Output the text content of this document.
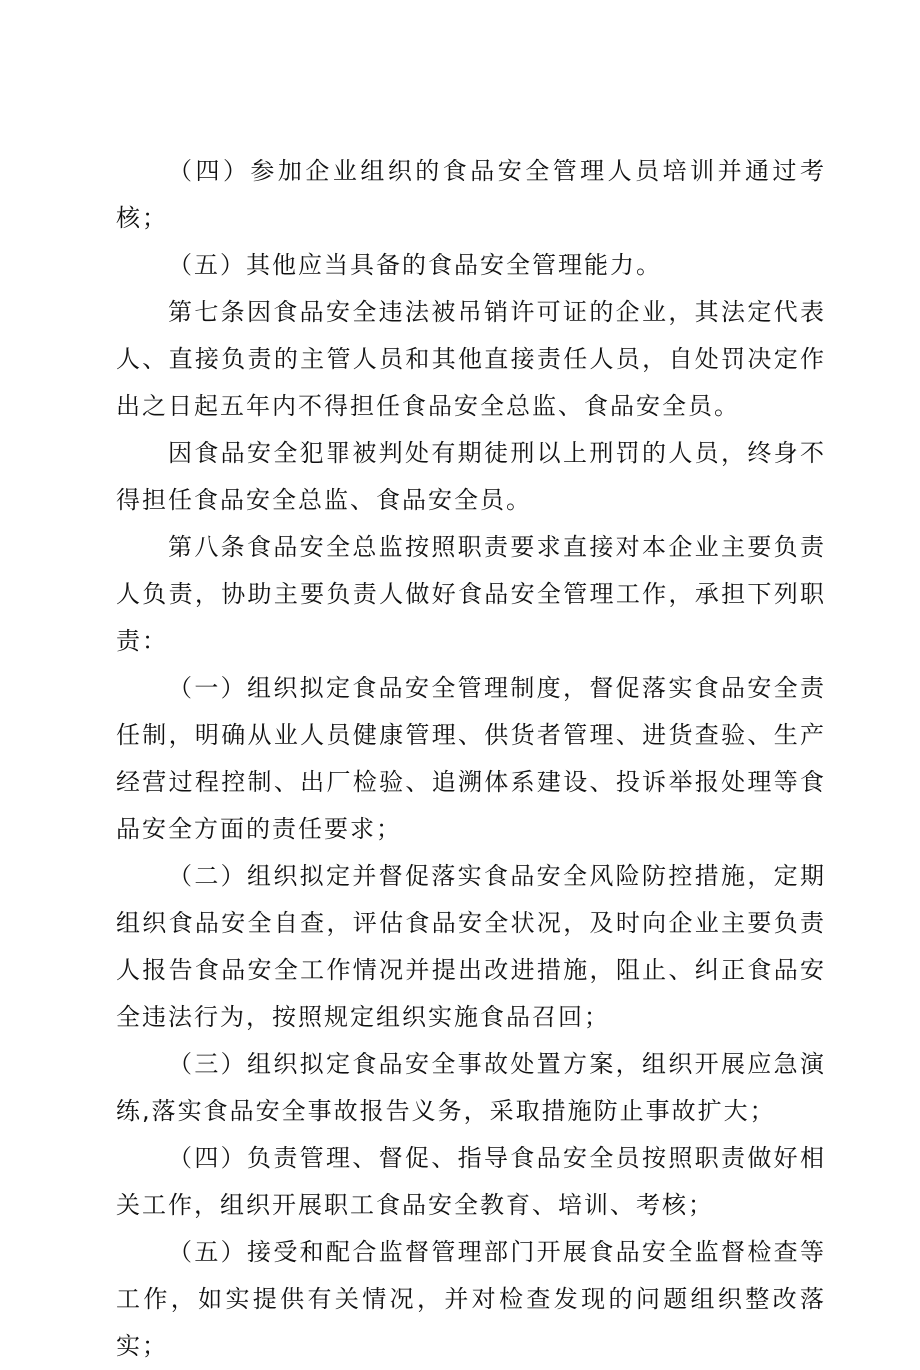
（四）参加企业组织的食品安全管理人员培训并通过考核；

（五）其他应当具备的食品安全管理能力。

第七条因食品安全违法被吊销许可证的企业，其法定代表人、直接负责的主管人员和其他直接责任人员，自处罚决定作出之日起五年内不得担任食品安全总监、食品安全员。

因食品安全犯罪被判处有期徒刑以上刑罚的人员，终身不得担任食品安全总监、食品安全员。

第八条食品安全总监按照职责要求直接对本企业主要负责人负责，协助主要负责人做好食品安全管理工作，承担下列职责：

（一）组织拟定食品安全管理制度，督促落实食品安全责任制，明确从业人员健康管理、供货者管理、进货查验、生产经营过程控制、出厂检验、追溯体系建设、投诉举报处理等食品安全方面的责任要求；

（二）组织拟定并督促落实食品安全风险防控措施，定期组织食品安全自查，评估食品安全状况，及时向企业主要负责人报告食品安全工作情况并提出改进措施，阻止、纠正食品安全违法行为，按照规定组织实施食品召回；

（三）组织拟定食品安全事故处置方案，组织开展应急演练,落实食品安全事故报告义务，采取措施防止事故扩大；

（四）负责管理、督促、指导食品安全员按照职责做好相关工作，组织开展职工食品安全教育、培训、考核；

（五）接受和配合监督管理部门开展食品安全监督检查等工作，如实提供有关情况，并对检查发现的问题组织整改落实；
